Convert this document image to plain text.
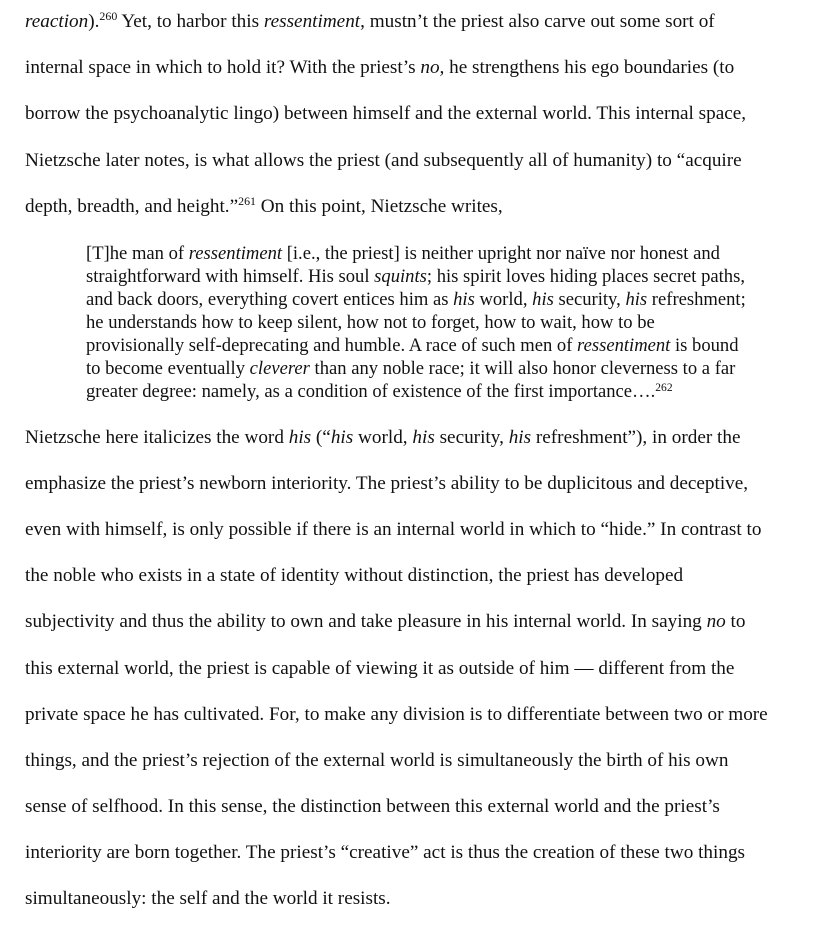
reaction).$^{260}$ Yet, to harbor this ressentiment, mustn’t the priest also carve out some sort of
internal space in which to hold it? With the priest’s no, he strengthens his ego boundaries (to
borrow the psychoanalytic lingo) between himself and the external world. This internal space,
Nietzsche later notes, is what allows the priest (and subsequently all of humanity) to “acquire
depth, breadth, and height.”$^{261}$ On this point, Nietzsche writes,
[T]he man of ressentiment [i.e., the priest] is neither upright nor naïve nor honest and
straightforward with himself. His soul squints; his spirit loves hiding places secret paths,
and back doors, everything covert entices him as his world, his security, his refreshment;
he understands how to keep silent, how not to forget, how to wait, how to be
provisionally self-deprecating and humble. A race of such men of ressentiment is bound
to become eventually cleverer than any noble race; it will also honor cleverness to a far
greater degree: namely, as a condition of existence of the first importance….$^{262}$
Nietzsche here italicizes the word his (“his world, his security, his refreshment”), in order the
emphasize the priest’s newborn interiority. The priest’s ability to be duplicitous and deceptive,
even with himself, is only possible if there is an internal world in which to “hide.” In contrast to
the noble who exists in a state of identity without distinction, the priest has developed
subjectivity and thus the ability to own and take pleasure in his internal world. In saying no to
this external world, the priest is capable of viewing it as outside of him — different from the
private space he has cultivated. For, to make any division is to differentiate between two or more
things, and the priest’s rejection of the external world is simultaneously the birth of his own
sense of selfhood. In this sense, the distinction between this external world and the priest’s
interiority are born together. The priest’s “creative” act is thus the creation of these two things
simultaneously: the self and the world it resists.
